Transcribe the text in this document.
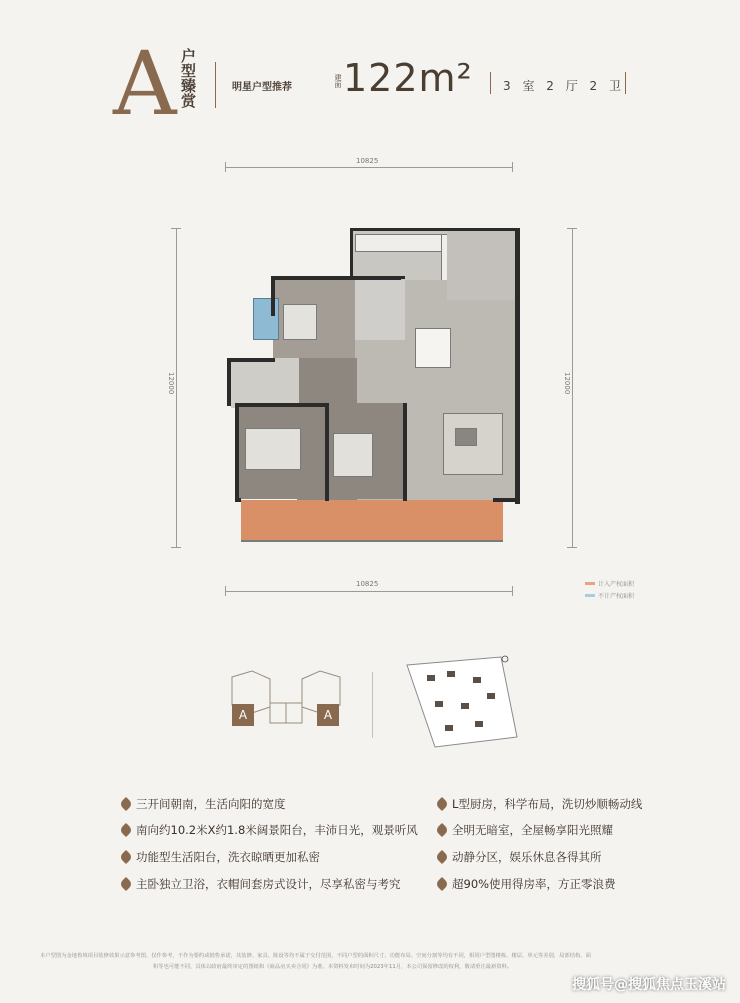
A 户型臻赏	明星户型推荐	建面 122m²	3 室 2 厅 2 卫
10825
10825
12000	12000
计入产权面积
不计产权面积
A	A
三开间朝南，生活向阳的宽度
南向约10.2米X约1.8米阔景阳台，丰沛日光，观景听风
功能型生活阳台，洗衣晾晒更加私密
主卧独立卫浴，衣帽间套房式设计，尽享私密与考究
L型厨房，科学布局，洗切炒顺畅动线
全明无暗室，全屋畅享阳光照耀
动静分区，娱乐休息各得其所
超90%使用得房率，方正零浪费
本户型图为金地鲁境项目装修效果示意参考图，仅作参考，不作为要约或销售承诺，其装修、家具、陈设等均不属于交付范围，不同户型的面积尺寸、功能布局、空间分割等均有不同，相同户型图楼栋、楼层、单元等差别，局部结构、面
积等也可能不同，具体以政府最终审定的图纸和《商品房买卖合同》为准。本资料发布时间为2023年11月，本公司保留修改的权利，敬请垂注最新资料。
搜狐号@搜狐焦点玉溪站
